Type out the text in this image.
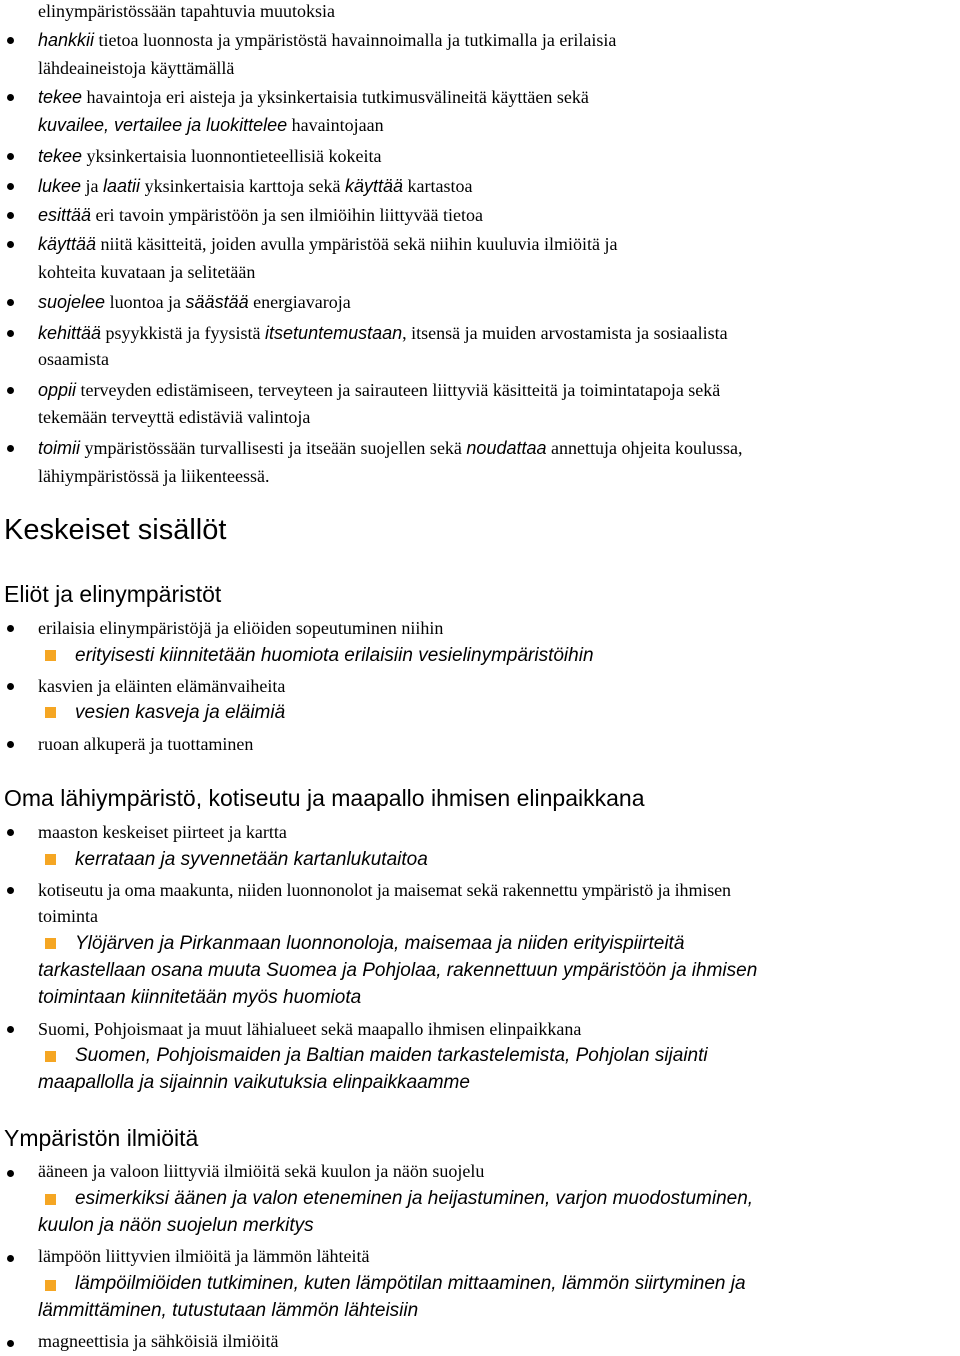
elinympäristössään tapahtuvia muutoksia
hankkii tietoa luonnosta ja ympäristöstä havainnoimalla ja tutkimalla ja erilaisia
lähdeaineistoja käyttämällä
tekee havaintoja eri aisteja ja yksinkertaisia tutkimusvälineitä käyttäen sekä
kuvailee, vertailee ja luokittelee havaintojaan
tekee yksinkertaisia luonnontieteellisiä kokeita
lukee ja laatii yksinkertaisia karttoja sekä käyttää kartastoa
esittää eri tavoin ympäristöön ja sen ilmiöihin liittyvää tietoa
käyttää niitä käsitteitä, joiden avulla ympäristöä sekä niihin kuuluvia ilmiöitä ja
kohteita kuvataan ja selitetään
suojelee luontoa ja säästää energiavaroja
kehittää psyykkistä ja fyysistä itsetuntemustaan, itsensä ja muiden arvostamista ja sosiaalista
osaamista
oppii terveyden edistämiseen, terveyteen ja sairauteen liittyviä käsitteitä ja toimintatapoja sekä
tekemään terveyttä edistäviä valintoja
toimii ympäristössään turvallisesti ja itseään suojellen sekä noudattaa annettuja ohjeita koulussa,
lähiympäristössä ja liikenteessä.
Keskeiset sisällöt
Eliöt ja elinympäristöt
erilaisia elinympäristöjä ja eliöiden sopeutuminen niihin
erityisesti kiinnitetään huomiota erilaisiin vesielinympäristöihin
kasvien ja eläinten elämänvaiheita
vesien kasveja ja eläimiä
ruoan alkuperä ja tuottaminen
Oma lähiympäristö, kotiseutu ja maapallo ihmisen elinpaikkana
maaston keskeiset piirteet ja kartta
kerrataan ja syvennetään kartanlukutaitoa
kotiseutu ja oma maakunta, niiden luonnonolot ja maisemat sekä rakennettu ympäristö ja ihmisen
toiminta
Ylöjärven ja Pirkanmaan luonnonoloja, maisemaa ja niiden erityispiirteitä
tarkastellaan osana muuta Suomea ja Pohjolaa, rakennettuun ympäristöön ja ihmisen
toimintaan kiinnitetään myös huomiota
Suomi, Pohjoismaat ja muut lähialueet sekä maapallo ihmisen elinpaikkana
Suomen, Pohjoismaiden ja Baltian maiden tarkastelemista, Pohjolan sijainti
maapallolla ja sijainnin vaikutuksia elinpaikkaamme
Ympäristön ilmiöitä
ääneen ja valoon liittyviä ilmiöitä sekä kuulon ja näön suojelu
esimerkiksi äänen ja valon eteneminen ja heijastuminen, varjon muodostuminen,
kuulon ja näön suojelun merkitys
lämpöön liittyvien ilmiöitä ja lämmön lähteitä
lämpöilmiöiden tutkiminen, kuten lämpötilan mittaaminen, lämmön siirtyminen ja
lämmittäminen, tutustutaan lämmön lähteisiin
magneettisia ja sähköisiä ilmiöitä
